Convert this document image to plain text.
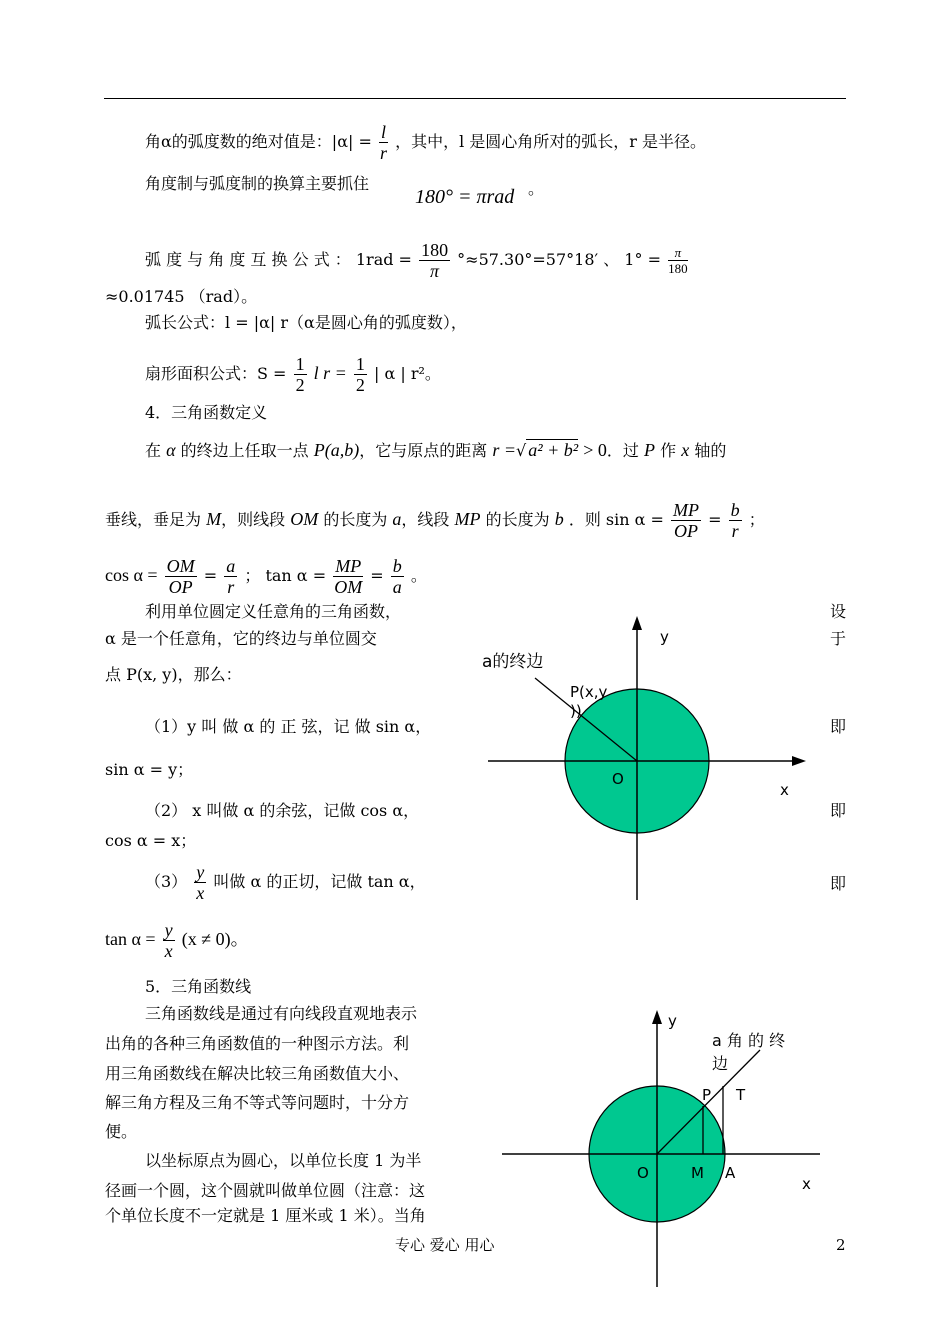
角α的弧度数的绝对值是：$|\alpha| = \frac{l}{r}$ ，其中，l 是圆心角所对的弧长，r 是半径。
角度制与弧度制的换算主要抓住
180° = πrad 。
弧 度 与 角 度 互 换 公 式 ： $1rad = \frac{180}{\pi} ^\circ\approx 57.30^\circ=57^\circ 18'$ 、 $1^\circ = \frac{\pi}{180}$
≈0.01745 （rad）。
弧长公式：l = |α| r（α是圆心角的弧度数），
扇形面积公式：$S = \frac{1}{2}$ l $r = \frac{1}{2}$ | α | r²。
4．三角函数定义
在 α 的终边上任取一点 P(a,b)，它与原点的距离 r =√ a² + b² > 0．过 P 作 x 轴的
垂线，垂足为 M，则线段 OM 的长度为 a，线段 MP 的长度为 b ．则 $\sin \alpha = \frac{MP}{OP} = \frac{b}{r}$ ；
$\cos \alpha = \frac{OM}{OP} = \frac{a}{r}$ ； $\tan \alpha = \frac{MP}{OM} = \frac{b}{a}$ 。
利用单位圆定义任意角的三角函数，	设
α 是一个任意角，它的终边与单位圆交	于
点 P(x, y)，那么：
（1）y 叫 做 α 的 正 弦，记 做 sin α，	即
sin α = y；
（2） x 叫做 α 的余弦，记做 cos α，	即
cos α = x；
$(3) \frac{y}{x}$ 叫做 α 的正切，记做 tan α，	即
$\tan \alpha = \frac{y}{x} (x \ne 0)$。
5．三角函数线
三角函数线是通过有向线段直观地表示
出角的各种三角函数值的一种图示方法。利
用三角函数线在解决比较三角函数值大小、
解三角方程及三角不等式等问题时，十分方
便。
以坐标原点为圆心，以单位长度 1 为半
径画一个圆，这个圆就叫做单位圆（注意：这
个单位长度不一定就是 1 厘米或 1 米）。当角
y
x
O
a的终边
P(x,y
))
y
x
O	M A
P T
a 角 的 终
边
专心 爱心 用心	2
